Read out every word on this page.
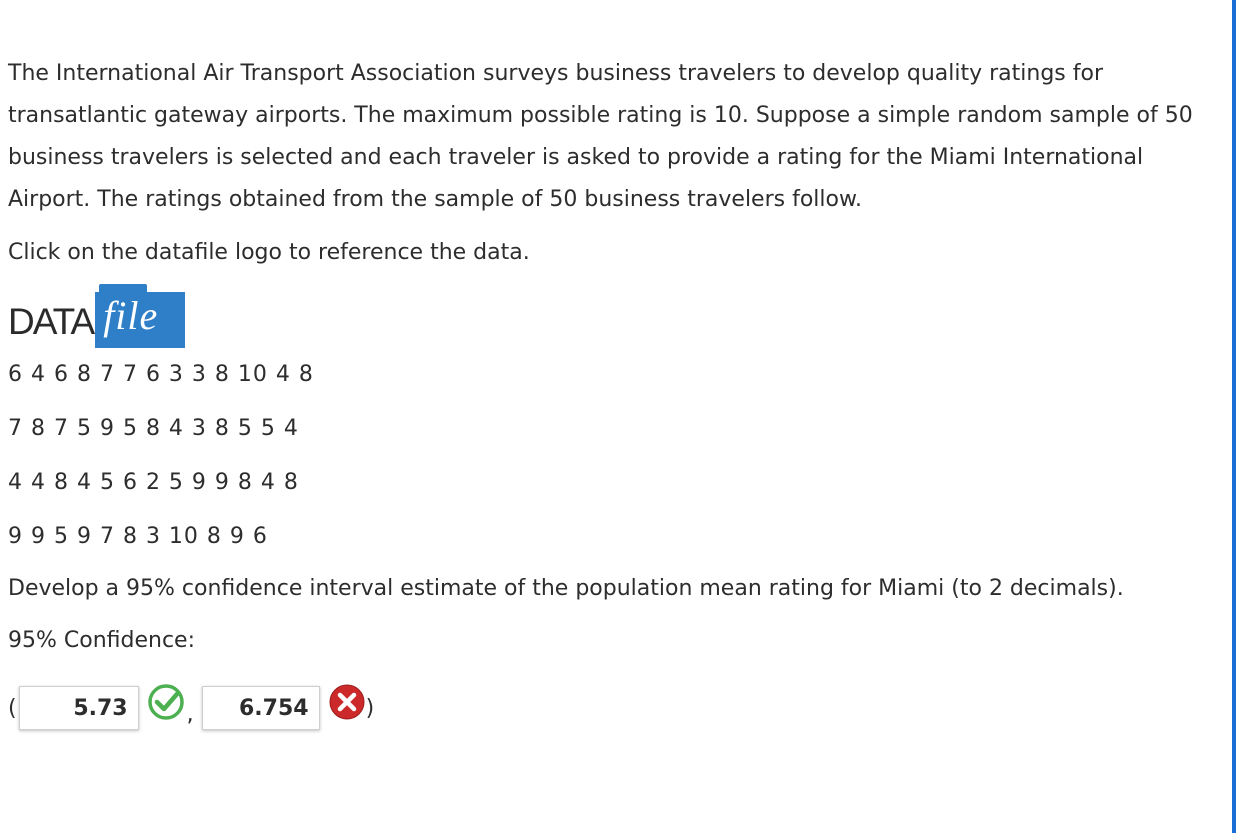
The International Air Transport Association surveys business travelers to develop quality ratings for transatlantic gateway airports. The maximum possible rating is 10. Suppose a simple random sample of 50 business travelers is selected and each traveler is asked to provide a rating for the Miami International Airport. The ratings obtained from the sample of 50 business travelers follow.

Click on the datafile logo to reference the data.

DATA file

6 4 6 8 7 7 6 3 3 8 10 4 8

7 8 7 5 9 5 8 4 3 8 5 5 4

4 4 8 4 5 6 2 5 9 9 8 4 8

9 9 5 9 7 8 3 10 8 9 6

Develop a 95% confidence interval estimate of the population mean rating for Miami (to 2 decimals).

95% Confidence:

(
5.73	,
6.754	)
